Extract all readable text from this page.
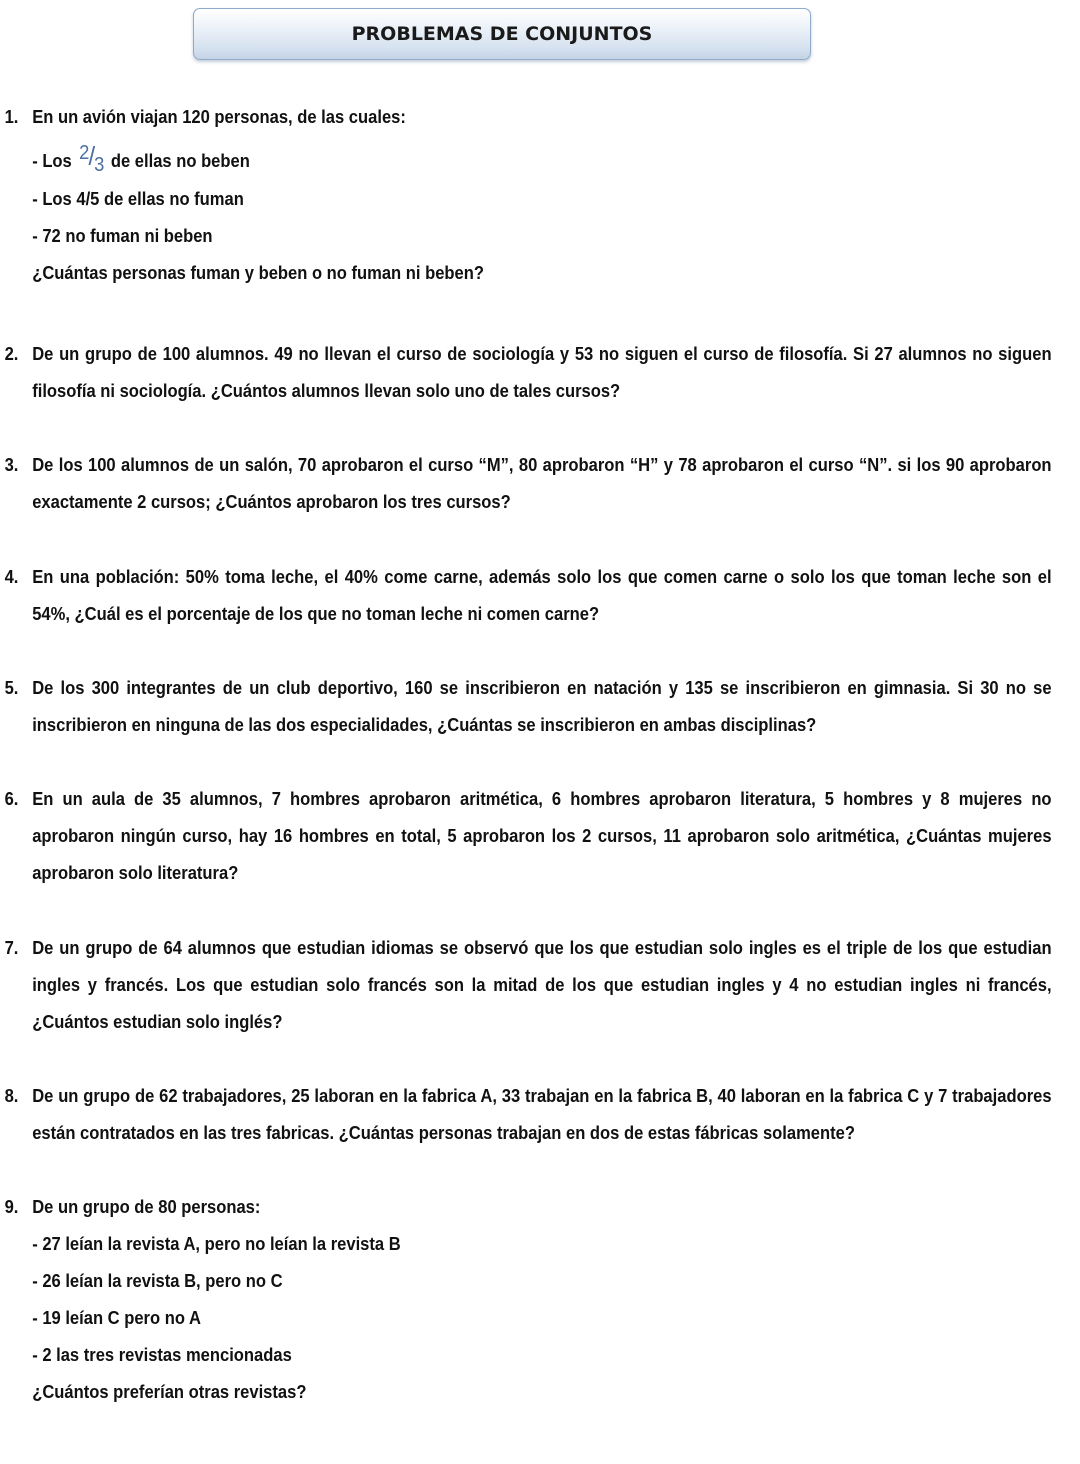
PROBLEMAS DE CONJUNTOS
1. En un avión viajan 120 personas, de las cuales:
- Los 2/3 de ellas no beben
- Los 4/5 de ellas no fuman
- 72 no fuman ni beben
¿Cuántas personas fuman y beben o no fuman ni beben?
2. De un grupo de 100 alumnos. 49 no llevan el curso de sociología y 53 no siguen el curso de filosofía. Si 27 alumnos no siguen filosofía ni sociología. ¿Cuántos alumnos llevan solo uno de tales cursos?
3. De los 100 alumnos de un salón, 70 aprobaron el curso “M”, 80 aprobaron “H” y 78 aprobaron el curso “N”. si los 90 aprobaron exactamente 2 cursos; ¿Cuántos aprobaron los tres cursos?
4. En una población: 50% toma leche, el 40% come carne, además solo los que comen carne o solo los que toman leche son el 54%, ¿Cuál es el porcentaje de los que no toman leche ni comen carne?
5. De los 300 integrantes de un club deportivo, 160 se inscribieron en natación y 135 se inscribieron en gimnasia. Si 30 no se inscribieron en ninguna de las dos especialidades, ¿Cuántas se inscribieron en ambas disciplinas?
6. En un aula de 35 alumnos, 7 hombres aprobaron aritmética, 6 hombres aprobaron literatura, 5 hombres y 8 mujeres no aprobaron ningún curso, hay 16 hombres en total, 5 aprobaron los 2 cursos, 11 aprobaron solo aritmética, ¿Cuántas mujeres aprobaron solo literatura?
7. De un grupo de 64 alumnos que estudian idiomas se observó que los que estudian solo ingles es el triple de los que estudian ingles y francés. Los que estudian solo francés son la mitad de los que estudian ingles y 4 no estudian ingles ni francés, ¿Cuántos estudian solo inglés?
8. De un grupo de 62 trabajadores, 25 laboran en la fabrica A, 33 trabajan en la fabrica B, 40 laboran en la fabrica C y 7 trabajadores están contratados en las tres fabricas. ¿Cuántas personas trabajan en dos de estas fábricas solamente?
9. De un grupo de 80 personas:
- 27 leían la revista A, pero no leían la revista B
- 26 leían la revista B, pero no C
- 19 leían C pero no A
- 2 las tres revistas mencionadas
¿Cuántos preferían otras revistas?
